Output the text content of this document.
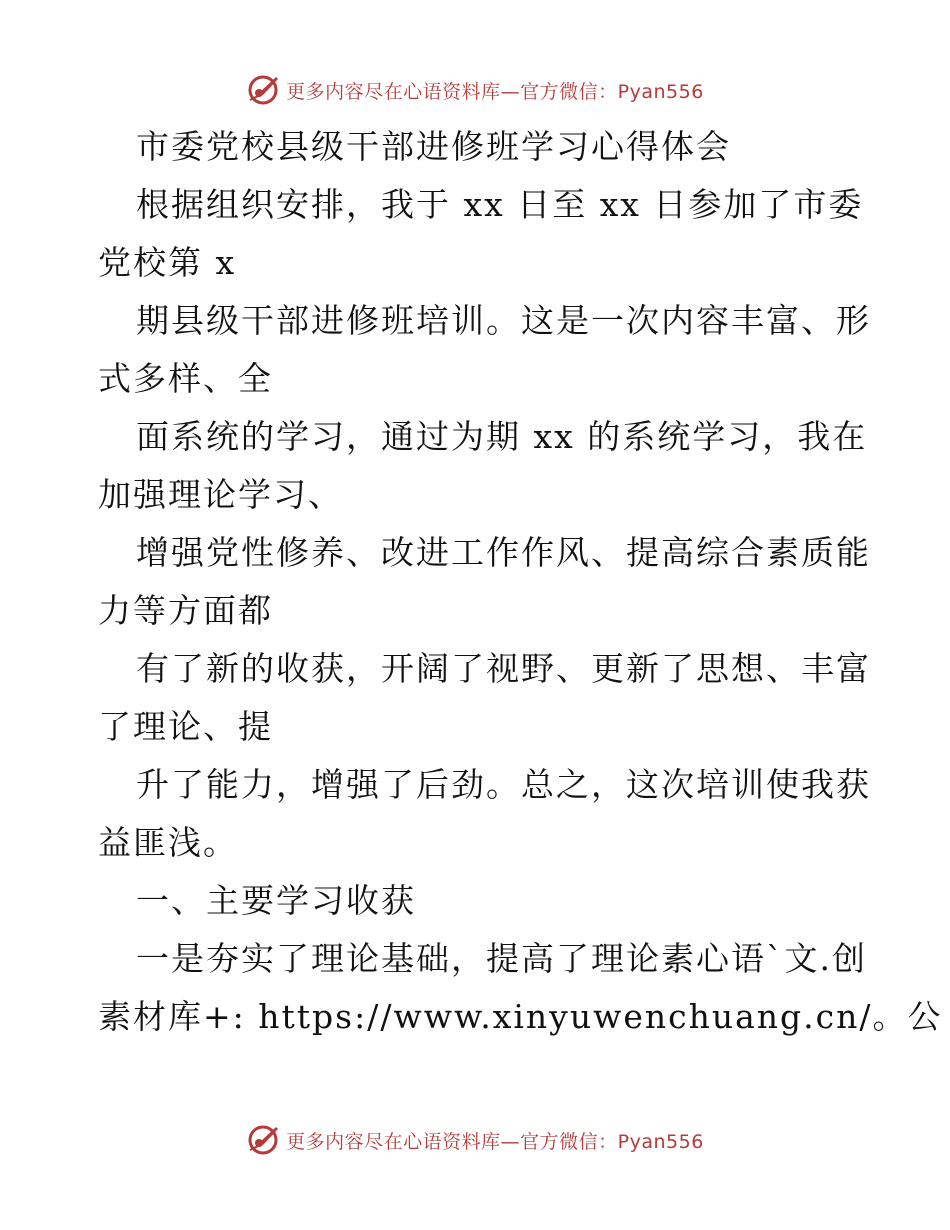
更多内容尽在心语资料库—官方微信：Pyan556
市委党校县级干部进修班学习心得体会
根据组织安排，我于 xx 日至 xx 日参加了市委
党校第 x
期县级干部进修班培训。这是一次内容丰富、形
式多样、全
面系统的学习，通过为期 xx 的系统学习，我在
加强理论学习、
增强党性修养、改进工作作风、提高综合素质能
力等方面都
有了新的收获，开阔了视野、更新了思想、丰富
了理论、提
升了能力，增强了后劲。总之，这次培训使我获
益匪浅。
一、主要学习收获
一是夯实了理论基础，提高了理论素心语`文.创
素材库+: https://www.xinyuwenchuang.cn/。公
更多内容尽在心语资料库—官方微信：Pyan556
